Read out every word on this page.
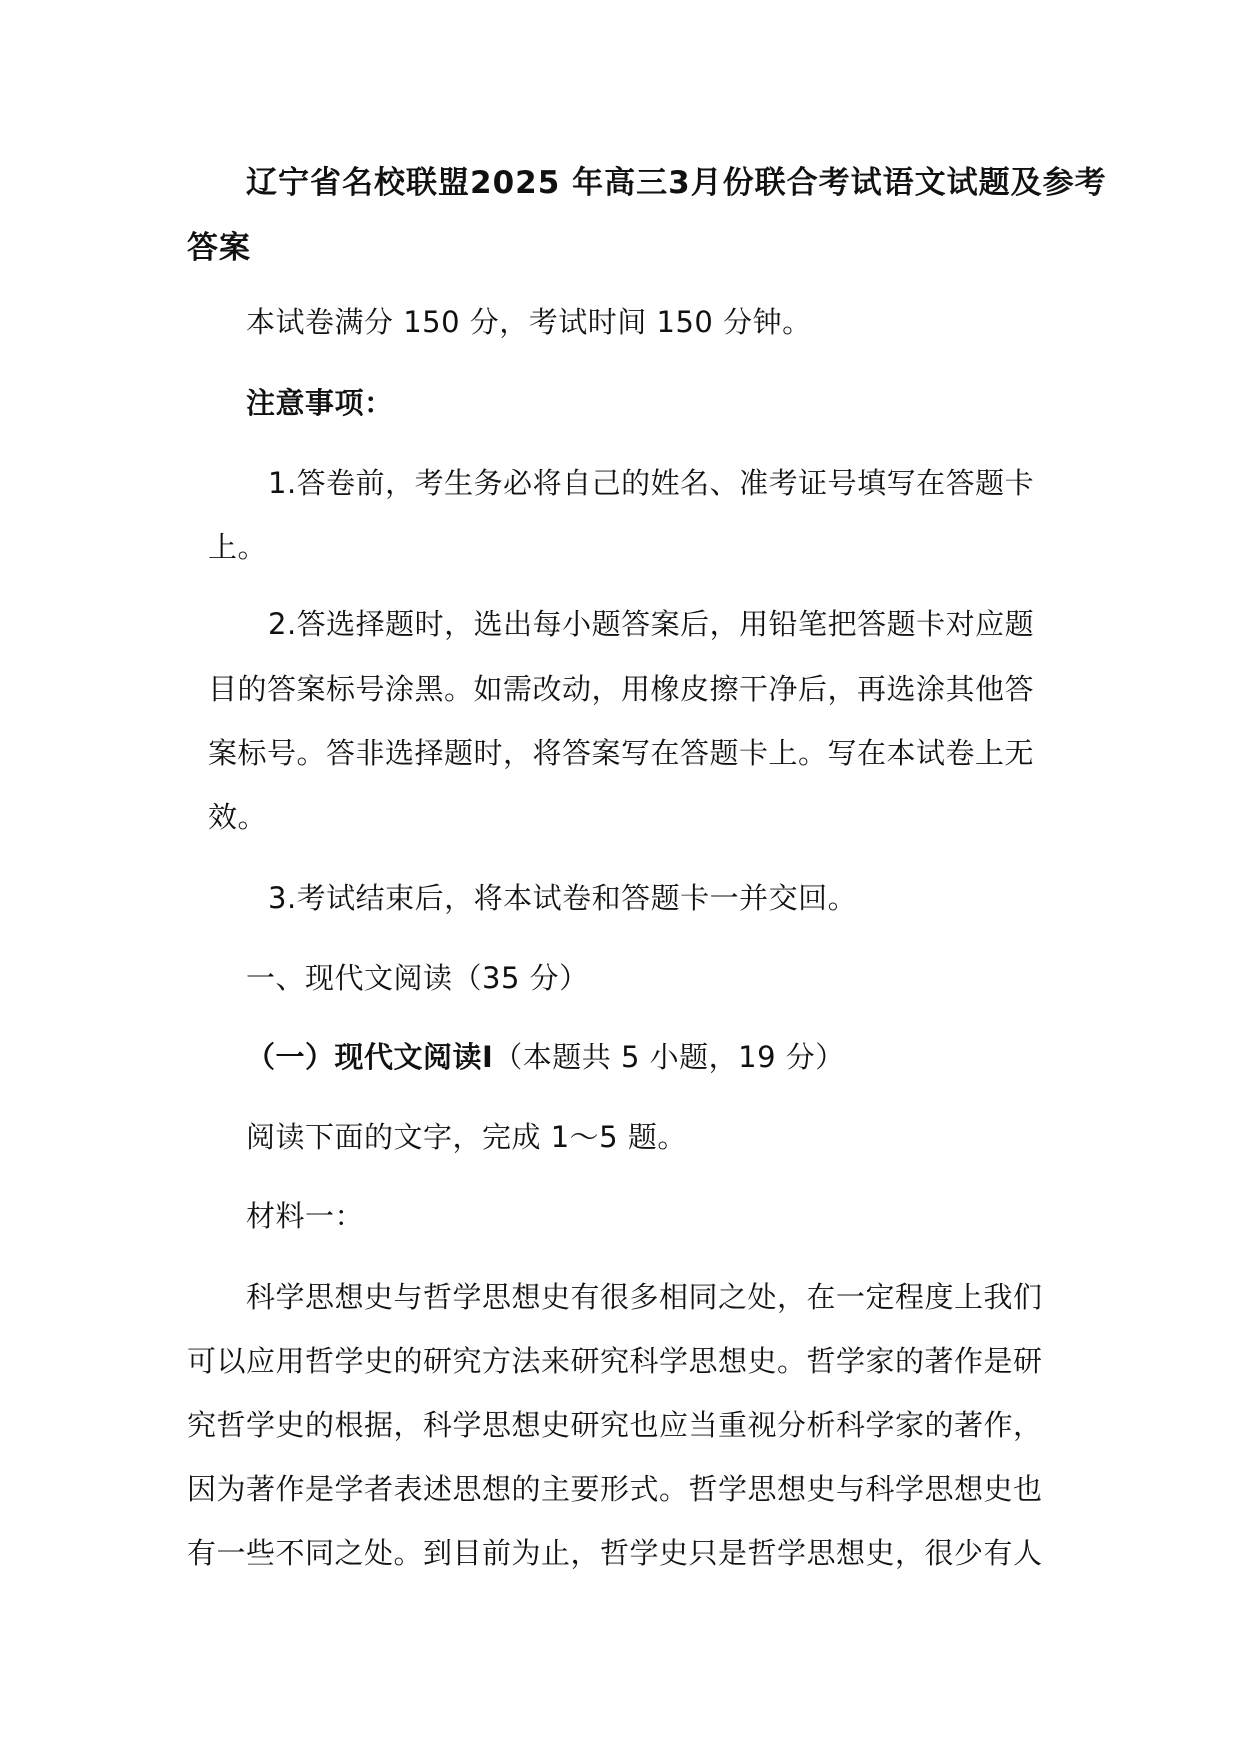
辽宁省名校联盟2025 年高三3月份联合考试语文试题及参考

答案

本试卷满分 150 分，考试时间 150 分钟。

注意事项：

1.答卷前，考生务必将自己的姓名、准考证号填写在答题卡

上。

2.答选择题时，选出每小题答案后，用铅笔把答题卡对应题

目的答案标号涂黑。如需改动，用橡皮擦干净后，再选涂其他答

案标号。答非选择题时，将答案写在答题卡上。写在本试卷上无

效。

3.考试结束后，将本试卷和答题卡一并交回。

一、现代文阅读（35 分）

（一）现代文阅读Ⅰ（本题共 5 小题，19 分）

阅读下面的文字，完成 1～5 题。

材料一：

科学思想史与哲学思想史有很多相同之处，在一定程度上我们

可以应用哲学史的研究方法来研究科学思想史。哲学家的著作是研

究哲学史的根据，科学思想史研究也应当重视分析科学家的著作，

因为著作是学者表述思想的主要形式。哲学思想史与科学思想史也

有一些不同之处。到目前为止，哲学史只是哲学思想史，很少有人
